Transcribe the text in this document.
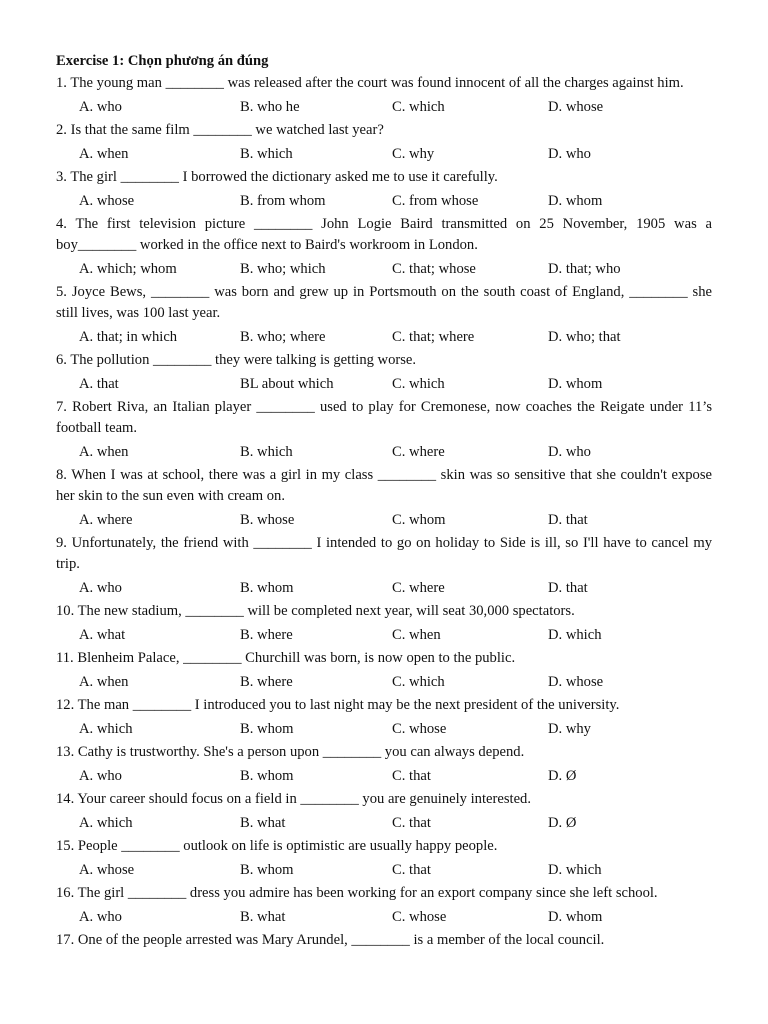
Exercise 1: Chọn phương án đúng
1. The young man ________ was released after the court was found innocent of all the charges against him.
A. who	B. who he	C. which	D. whose
2. Is that the same film ________ we watched last year?
A. when	B. which	C. why	D. who
3. The girl ________ I borrowed the dictionary asked me to use it carefully.
A. whose	B. from whom	C. from whose	D. whom
4. The first television picture ________ John Logie Baird transmitted on 25 November, 1905 was a boy________ worked in the office next to Baird's workroom in London.
A. which; whom	B. who; which	C. that; whose	D. that; who
5. Joyce Bews, ________ was born and grew up in Portsmouth on the south coast of England, ________ she still lives, was 100 last year.
A. that; in which	B. who; where	C. that; where	D. who; that
6. The pollution ________ they were talking is getting worse.
A. that	BL about which	C. which	D. whom
7. Robert Riva, an Italian player ________ used to play for Cremonese, now coaches the Reigate under 11’s football team.
A. when	B. which	C. where	D. who
8. When I was at school, there was a girl in my class ________ skin was so sensitive that she couldn't expose her skin to the sun even with cream on.
A. where	B. whose	C. whom	D. that
9. Unfortunately, the friend with ________ I intended to go on holiday to Side is ill, so I'll have to cancel my trip.
A. who	B. whom	C. where	D. that
10. The new stadium, ________ will be completed next year, will seat 30,000 spectators.
A. what	B. where	C. when	D. which
11. Blenheim Palace, ________ Churchill was born, is now open to the public.
A. when	B. where	C. which	D. whose
12. The man ________ I introduced you to last night may be the next president of the university.
A. which	B. whom	C. whose	D. why
13. Cathy is trustworthy. She's a person upon ________ you can always depend.
A. who	B. whom	C. that	D. Ø
14. Your career should focus on a field in ________ you are genuinely interested.
A. which	B. what	C. that	D. Ø
15. People ________ outlook on life is optimistic are usually happy people.
A. whose	B. whom	C. that	D. which
16. The girl ________ dress you admire has been working for an export company since she left school.
A. who	B. what	C. whose	D. whom
17. One of the people arrested was Mary Arundel, ________ is a member of the local council.
